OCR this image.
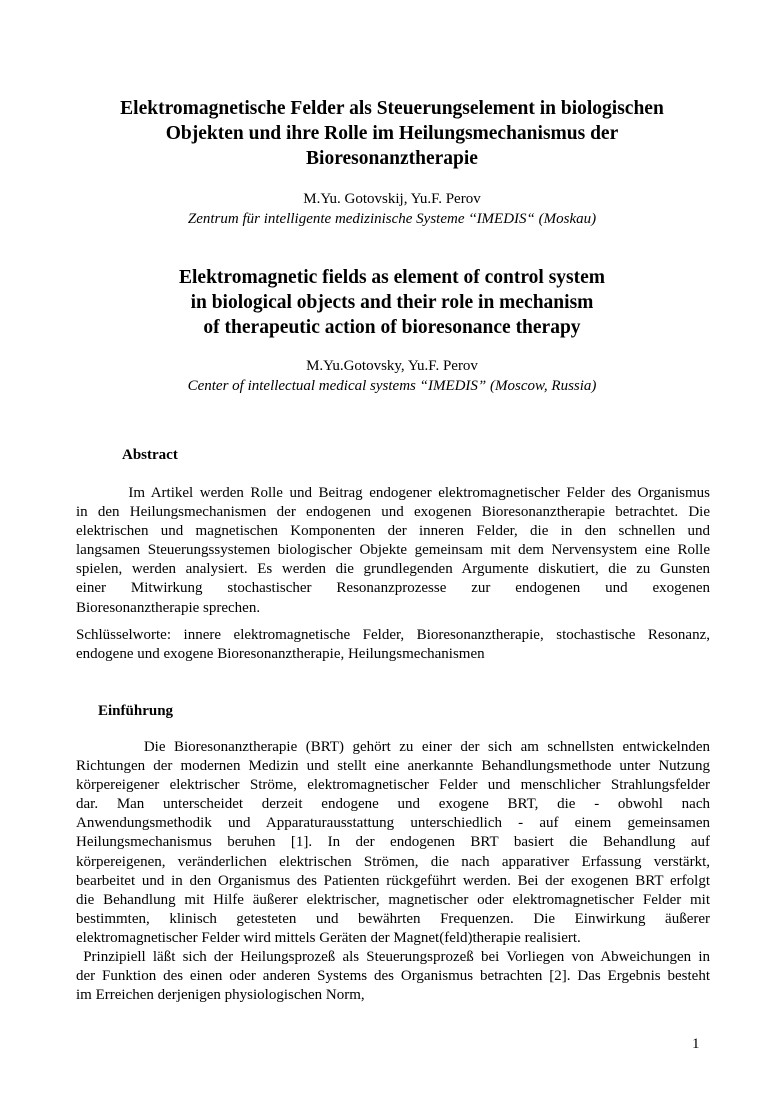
Elektromagnetische Felder als Steuerungselement in biologischen
Objekten und ihre Rolle im Heilungsmechanismus der
Bioresonanztherapie
M.Yu. Gotovskij, Yu.F. Perov
Zentrum für intelligente medizinische Systeme ‘‘IMEDIS“ (Moskau)
Elektromagnetic fields as element of control system
in biological objects and their role in mechanism
of therapeutic action of bioresonance therapy
M.Yu.Gotovsky, Yu.F. Perov
Center of intellectual medical systems “IMEDIS” (Moscow, Russia)
Abstract
Im Artikel werden Rolle und Beitrag endogener elektromagnetischer Felder des Organismus
in den Heilungsmechanismen der endogenen und exogenen Bioresonanztherapie betrachtet. Die
elektrischen und magnetischen Komponenten der inneren Felder, die in den schnellen und
langsamen Steuerungssystemen biologischer Objekte gemeinsam mit dem Nervensystem eine Rolle
spielen, werden analysiert. Es werden die grundlegenden Argumente diskutiert, die zu Gunsten
einer Mitwirkung stochastischer Resonanzprozesse zur endogenen und exogenen
Bioresonanztherapie sprechen.
Schlüsselworte: innere elektromagnetische Felder, Bioresonanztherapie, stochastische Resonanz,
endogene und exogene Bioresonanztherapie, Heilungsmechanismen
Einführung
Die Bioresonanztherapie (BRT) gehört zu einer der sich am schnellsten entwickelnden
Richtungen der modernen Medizin und stellt eine anerkannte Behandlungsmethode unter Nutzung
körpereigener elektrischer Ströme, elektromagnetischer Felder und menschlicher Strahlungsfelder
dar. Man unterscheidet derzeit endogene und exogene BRT, die - obwohl nach
Anwendungsmethodik und Apparaturausstattung unterschiedlich - auf einem gemeinsamen
Heilungsmechanismus beruhen [1]. In der endogenen BRT basiert die Behandlung auf
körpereigenen, veränderlichen elektrischen Strömen, die nach apparativer Erfassung verstärkt,
bearbeitet und in den Organismus des Patienten rückgeführt werden. Bei der exogenen BRT erfolgt
die Behandlung mit Hilfe äußerer elektrischer, magnetischer oder elektromagnetischer Felder mit
bestimmten, klinisch getesteten und bewährten Frequenzen. Die Einwirkung äußerer
elektromagnetischer Felder wird mittels Geräten der Magnet(feld)therapie realisiert.
Prinzipiell läßt sich der Heilungsprozeß als Steuerungsprozeß bei Vorliegen von Abweichungen in
der Funktion des einen oder anderen Systems des Organismus betrachten [2]. Das Ergebnis besteht
im Erreichen derjenigen physiologischen Norm,
1
